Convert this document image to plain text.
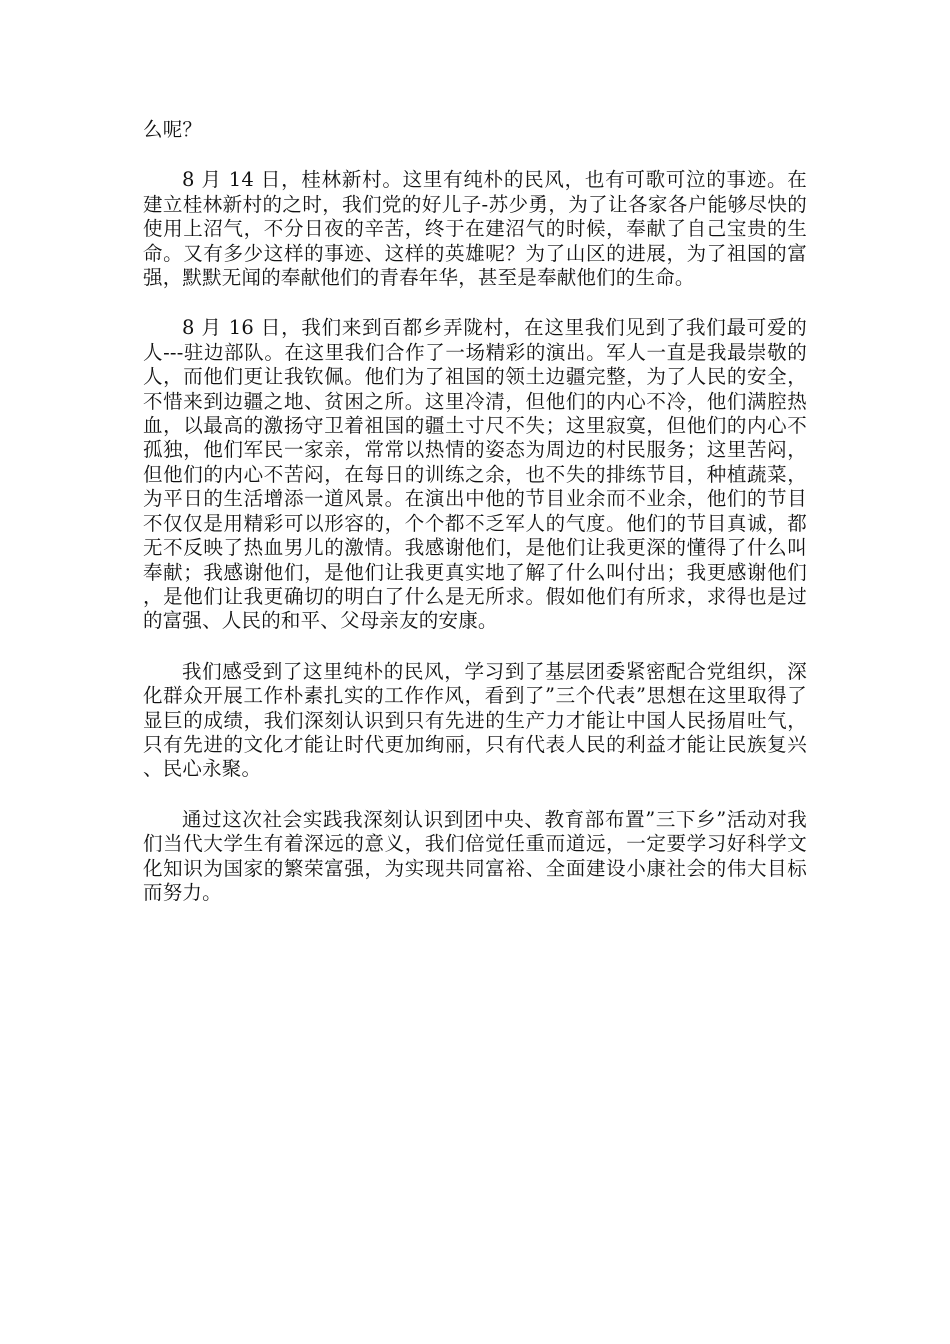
么呢？

8 月 14 日，桂林新村。这里有纯朴的民风，也有可歌可泣的事迹。在建立桂林新村的之时，我们党的好儿子-苏少勇，为了让各家各户能够尽快的使用上沼气，不分日夜的辛苦，终于在建沼气的时候，奉献了自己宝贵的生命。又有多少这样的事迹、这样的英雄呢？为了山区的进展，为了祖国的富强，默默无闻的奉献他们的青春年华，甚至是奉献他们的生命。

8 月 16 日，我们来到百都乡弄陇村，在这里我们见到了我们最可爱的人---驻边部队。在这里我们合作了一场精彩的演出。军人一直是我最崇敬的人，而他们更让我钦佩。他们为了祖国的领土边疆完整，为了人民的安全，不惜来到边疆之地、贫困之所。这里冷清，但他们的内心不冷，他们满腔热血，以最高的激扬守卫着祖国的疆土寸尺不失；这里寂寞，但他们的内心不孤独，他们军民一家亲，常常以热情的姿态为周边的村民服务；这里苦闷，但他们的内心不苦闷，在每日的训练之余，也不失的排练节目，种植蔬菜，为平日的生活增添一道风景。在演出中他的节目业余而不业余，他们的节目不仅仅是用精彩可以形容的，个个都不乏军人的气度。他们的节目真诚，都无不反映了热血男儿的激情。我感谢他们，是他们让我更深的懂得了什么叫奉献；我感谢他们，是他们让我更真实地了解了什么叫付出；我更感谢他们，是他们让我更确切的明白了什么是无所求。假如他们有所求，求得也是过的富强、人民的和平、父母亲友的安康。

我们感受到了这里纯朴的民风，学习到了基层团委紧密配合党组织，深化群众开展工作朴素扎实的工作作风，看到了”三个代表”思想在这里取得了显巨的成绩，我们深刻认识到只有先进的生产力才能让中国人民扬眉吐气，只有先进的文化才能让时代更加绚丽，只有代表人民的利益才能让民族复兴、民心永聚。

通过这次社会实践我深刻认识到团中央、教育部布置”三下乡”活动对我们当代大学生有着深远的意义，我们倍觉任重而道远，一定要学习好科学文化知识为国家的繁荣富强，为实现共同富裕、全面建设小康社会的伟大目标而努力。
